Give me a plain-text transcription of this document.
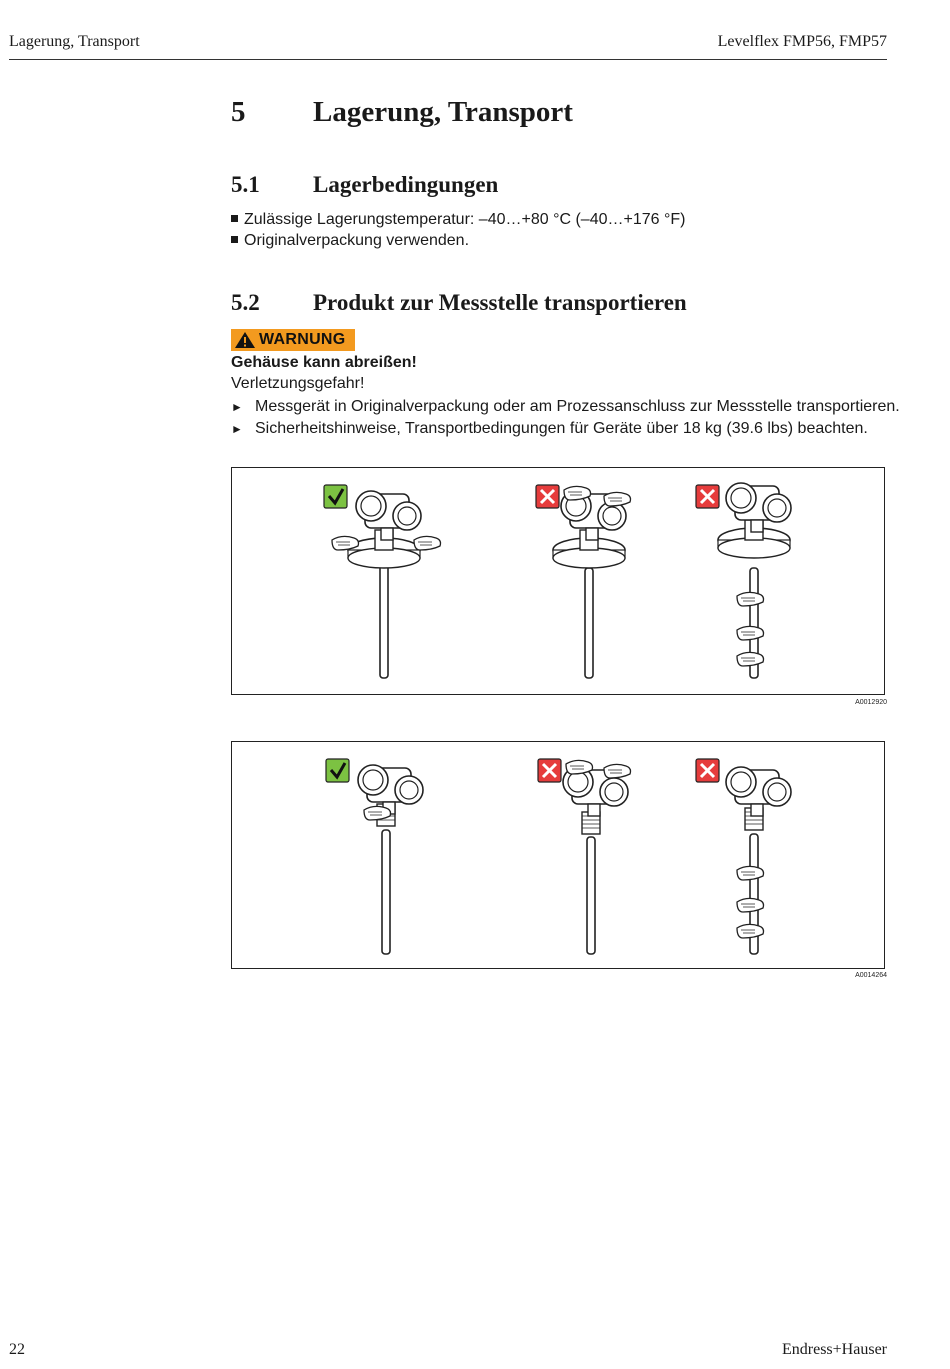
Lagerung, Transport	Levelflex FMP56, FMP57
5 Lagerung, Transport
5.1 Lagerbedingungen
Zulässige Lagerungstemperatur: –40…+80 °C (–40…+176 °F)
Originalverpackung verwenden.
5.2 Produkt zur Messstelle transportieren
WARNUNG
Gehäuse kann abreißen!
Verletzungsgefahr!
► Messgerät in Originalverpackung oder am Prozessanschluss zur Messstelle transportieren.
► Sicherheitshinweise, Transportbedingungen für Geräte über 18 kg (39.6 lbs) beachten.
A0012920
A0014264
22	Endress+Hauser
